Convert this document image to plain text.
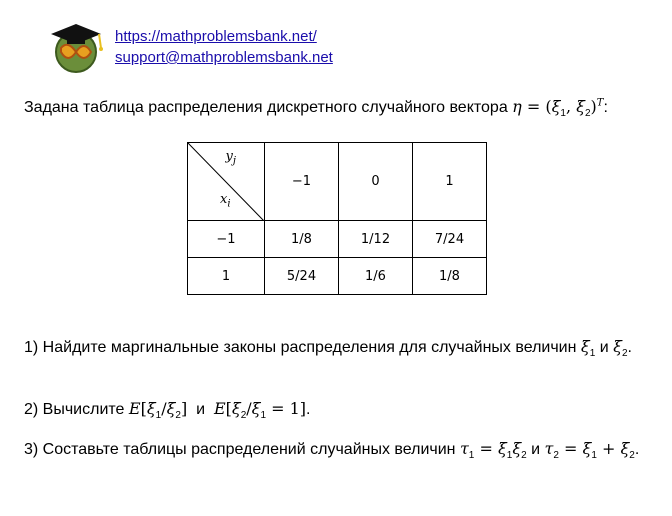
https://mathproblemsbank.net/
support@mathproblemsbank.net
Задана таблица распределения дискретного случайного вектора $\eta = (\xi_1$, $\xi_2)^T$:
$y_j$
$x_i$	−1	0	1
−1	1/8	1/12	7/24
1	5/24	1/6	1/8
1) Найдите маргинальные законы распределения для случайных величин $\xi_1$ и $\xi_2$.
2) Вычислите $E[\xi_1/\xi_2]$ и $E[\xi_2/\xi_1 = 1]$.
3) Составьте таблицы распределений случайных величин $\tau_1 = \xi_1\xi_2$ и $\tau_2 = \xi_1 + \xi_2$.
